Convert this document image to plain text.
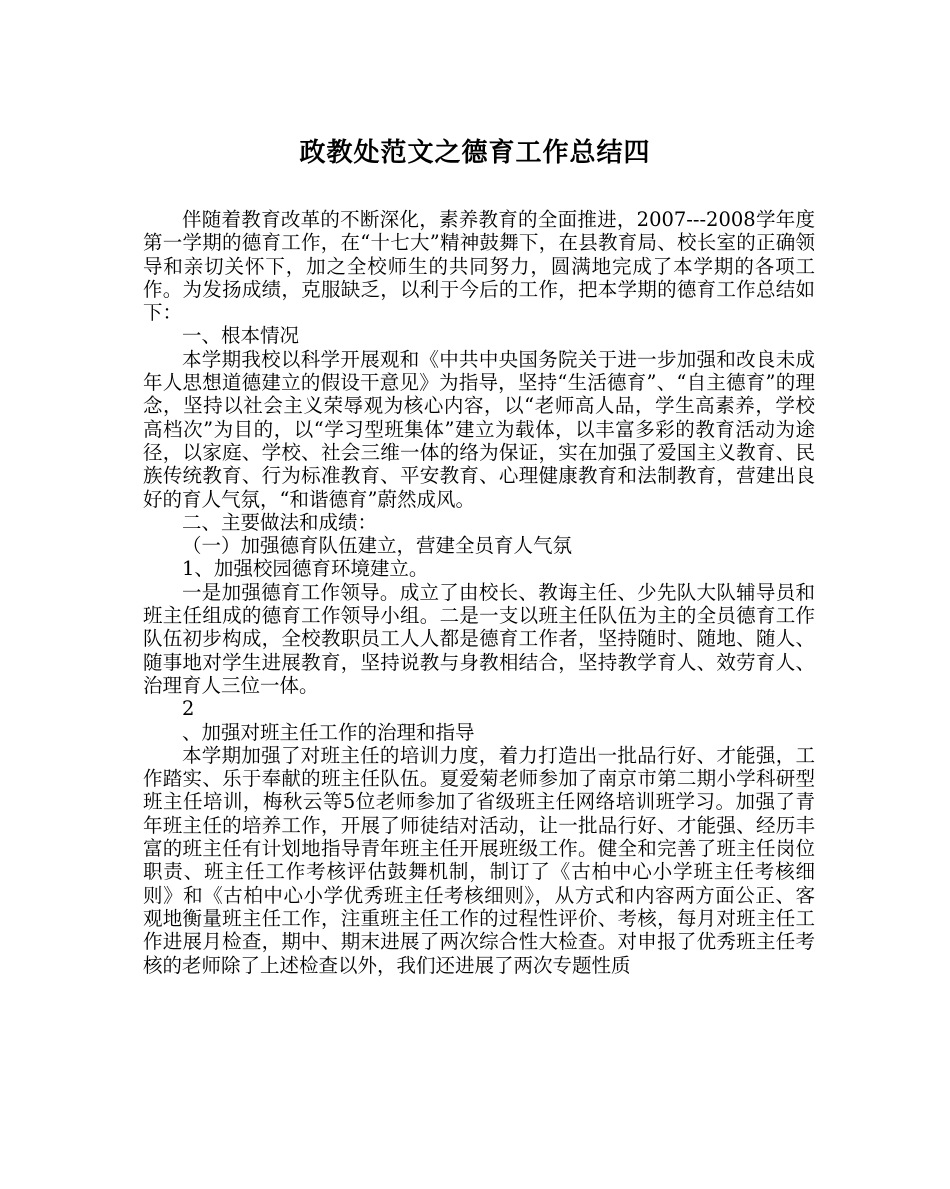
政教处范文之德育工作总结四

伴随着教育改革的不断深化，素养教育的全面推进，2007---2008学年度第一学期的德育工作，在“十七大”精神鼓舞下，在县教育局、校长室的正确领导和亲切关怀下，加之全校师生的共同努力，圆满地完成了本学期的各项工作。为发扬成绩，克服缺乏，以利于今后的工作，把本学期的德育工作总结如下：

一、根本情况

本学期我校以科学开展观和《中共中央国务院关于进一步加强和改良未成年人思想道德建立的假设干意见》为指导，坚持“生活德育”、“自主德育”的理念，坚持以社会主义荣辱观为核心内容，以“老师高人品，学生高素养，学校高档次”为目的，以“学习型班集体”建立为载体，以丰富多彩的教育活动为途径，以家庭、学校、社会三维一体的络为保证，实在加强了爱国主义教育、民族传统教育、行为标准教育、平安教育、心理健康教育和法制教育，营建出良好的育人气氛，“和谐德育”蔚然成风。

二、主要做法和成绩：

（一）加强德育队伍建立，营建全员育人气氛

1、加强校园德育环境建立。

一是加强德育工作领导。成立了由校长、教诲主任、少先队大队辅导员和班主任组成的德育工作领导小组。二是一支以班主任队伍为主的全员德育工作队伍初步构成，全校教职员工人人都是德育工作者，坚持随时、随地、随人、随事地对学生进展教育，坚持说教与身教相结合，坚持教学育人、效劳育人、治理育人三位一体。

2

、加强对班主任工作的治理和指导

本学期加强了对班主任的培训力度，着力打造出一批品行好、才能强，工作踏实、乐于奉献的班主任队伍。夏爱菊老师参加了南京市第二期小学科研型班主任培训，梅秋云等5位老师参加了省级班主任网络培训班学习。加强了青年班主任的培养工作，开展了师徒结对活动，让一批品行好、才能强、经历丰富的班主任有计划地指导青年班主任开展班级工作。健全和完善了班主任岗位职责、班主任工作考核评估鼓舞机制，制订了《古柏中心小学班主任考核细则》和《古柏中心小学优秀班主任考核细则》，从方式和内容两方面公正、客观地衡量班主任工作，注重班主任工作的过程性评价、考核，每月对班主任工作进展月检查，期中、期末进展了两次综合性大检查。对申报了优秀班主任考核的老师除了上述检查以外，我们还进展了两次专题性质
